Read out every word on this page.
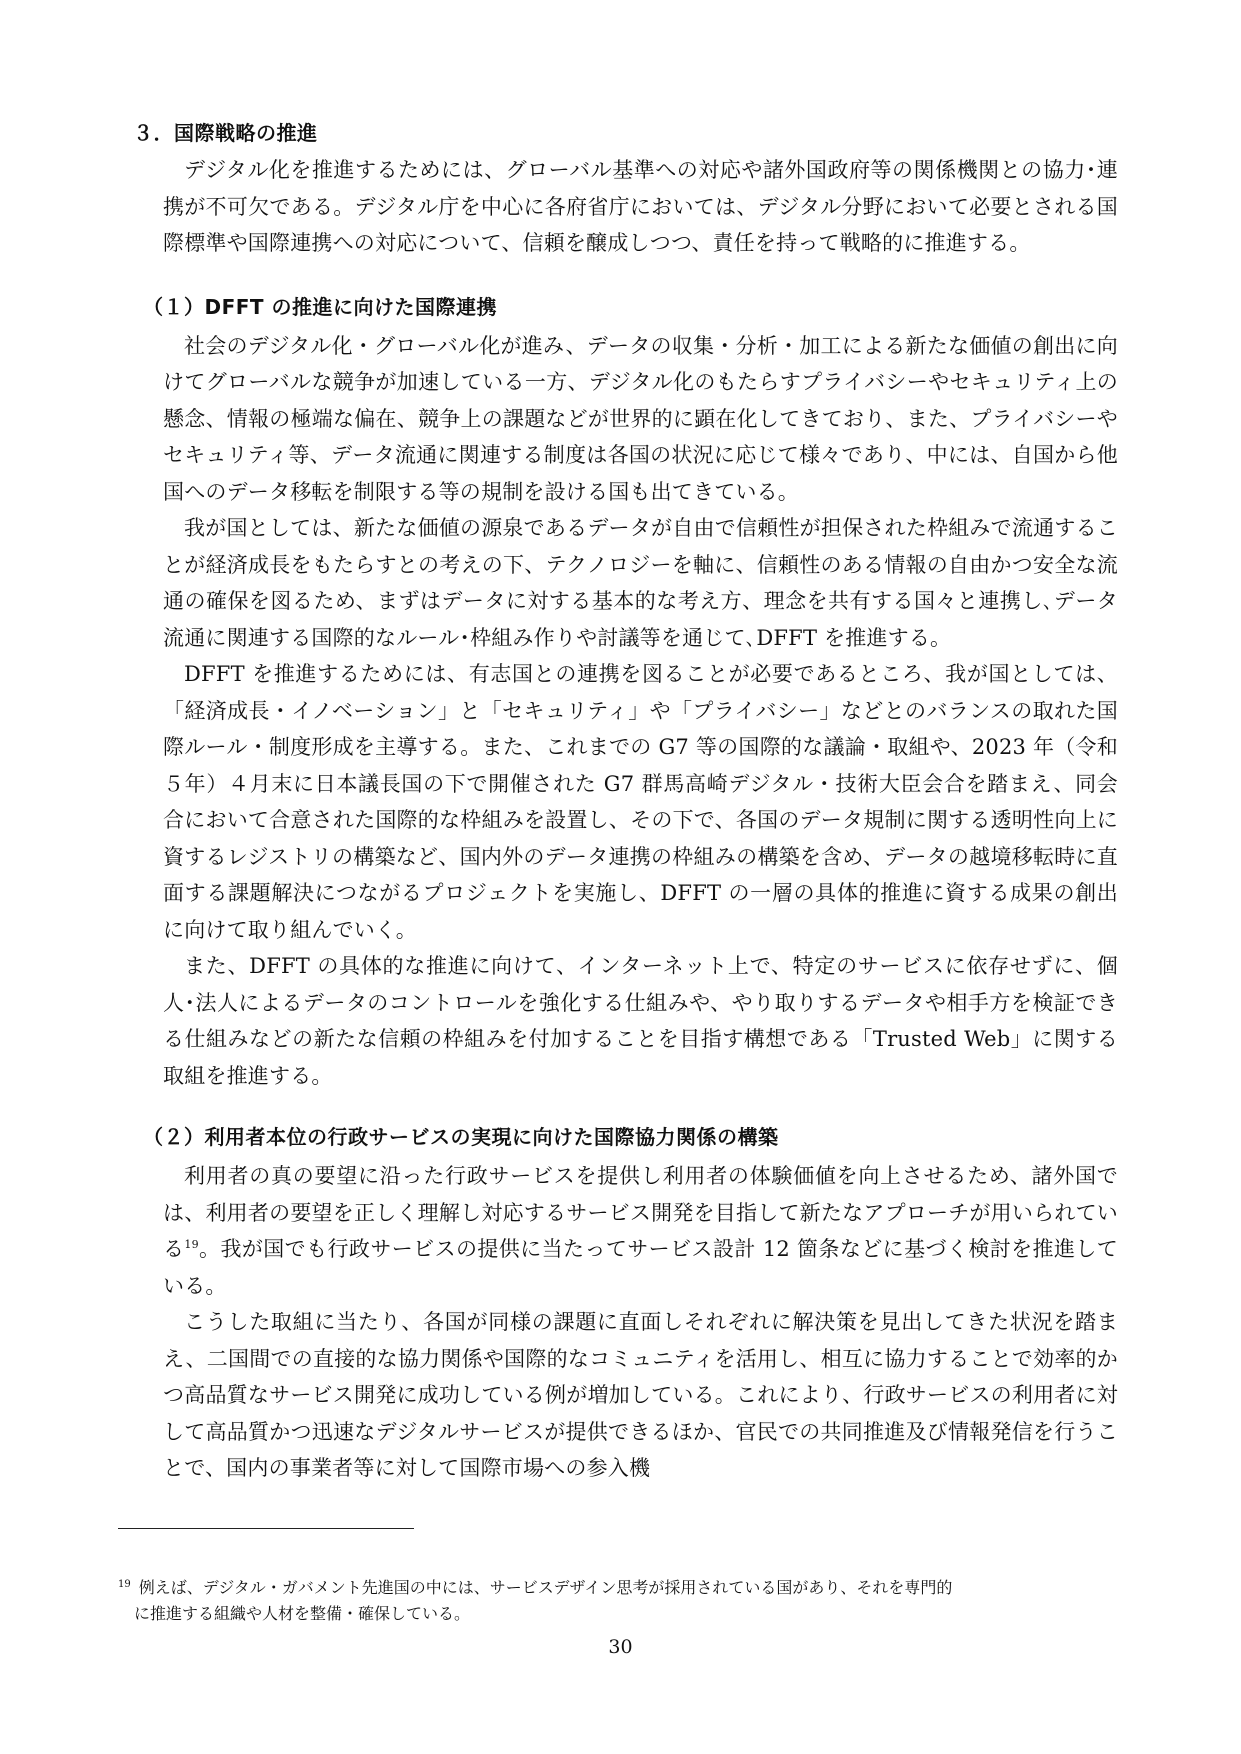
３．国際戦略の推進

デジタル化を推進するためには、グローバル基準への対応や諸外国政府等の関係機関との協力･連携が不可欠である。デジタル庁を中心に各府省庁においては、デジタル分野において必要とされる国際標準や国際連携への対応について、信頼を醸成しつつ、責任を持って戦略的に推進する。

（１）DFFT の推進に向けた国際連携

社会のデジタル化・グローバル化が進み、データの収集・分析・加工による新たな価値の創出に向けてグローバルな競争が加速している一方、デジタル化のもたらすプライバシーやセキュリティ上の懸念、情報の極端な偏在、競争上の課題などが世界的に顕在化してきており、また、プライバシーやセキュリティ等、データ流通に関連する制度は各国の状況に応じて様々であり、中には、自国から他国へのデータ移転を制限する等の規制を設ける国も出てきている。

我が国としては、新たな価値の源泉であるデータが自由で信頼性が担保された枠組みで流通することが経済成長をもたらすとの考えの下、テクノロジーを軸に、信頼性のある情報の自由かつ安全な流通の確保を図るため、まずはデータに対する基本的な考え方、理念を共有する国々と連携し､データ流通に関連する国際的なルール･枠組み作りや討議等を通じて､DFFT を推進する。

DFFT を推進するためには、有志国との連携を図ることが必要であるところ、我が国としては、「経済成長・イノベーション」と「セキュリティ」や「プライバシー」などとのバランスの取れた国際ルール・制度形成を主導する。また、これまでの G7 等の国際的な議論・取組や、2023 年（令和５年）４月末に日本議長国の下で開催された G7 群馬高崎デジタル・技術大臣会合を踏まえ、同会合において合意された国際的な枠組みを設置し、その下で、各国のデータ規制に関する透明性向上に資するレジストリの構築など、国内外のデータ連携の枠組みの構築を含め、データの越境移転時に直面する課題解決につながるプロジェクトを実施し、DFFT の一層の具体的推進に資する成果の創出に向けて取り組んでいく。

また、DFFT の具体的な推進に向けて、インターネット上で、特定のサービスに依存せずに、個人･法人によるデータのコントロールを強化する仕組みや、やり取りするデータや相手方を検証できる仕組みなどの新たな信頼の枠組みを付加することを目指す構想である「Trusted Web」に関する取組を推進する。

（２）利用者本位の行政サービスの実現に向けた国際協力関係の構築

利用者の真の要望に沿った行政サービスを提供し利用者の体験価値を向上させるため、諸外国では、利用者の要望を正しく理解し対応するサービス開発を目指して新たなアプローチが用いられている$^{19}$。我が国でも行政サービスの提供に当たってサービス設計 12 箇条などに基づく検討を推進している。

こうした取組に当たり、各国が同様の課題に直面しそれぞれに解決策を見出してきた状況を踏まえ、二国間での直接的な協力関係や国際的なコミュニティを活用し、相互に協力することで効率的かつ高品質なサービス開発に成功している例が増加している。これにより、行政サービスの利用者に対して高品質かつ迅速なデジタルサービスが提供できるほか、官民での共同推進及び情報発信を行うことで、国内の事業者等に対して国際市場への参入機

$^{19}$ 例えば、デジタル・ガバメント先進国の中には、サービスデザイン思考が採用されている国があり、それを専門的
に推進する組織や人材を整備・確保している。
30
